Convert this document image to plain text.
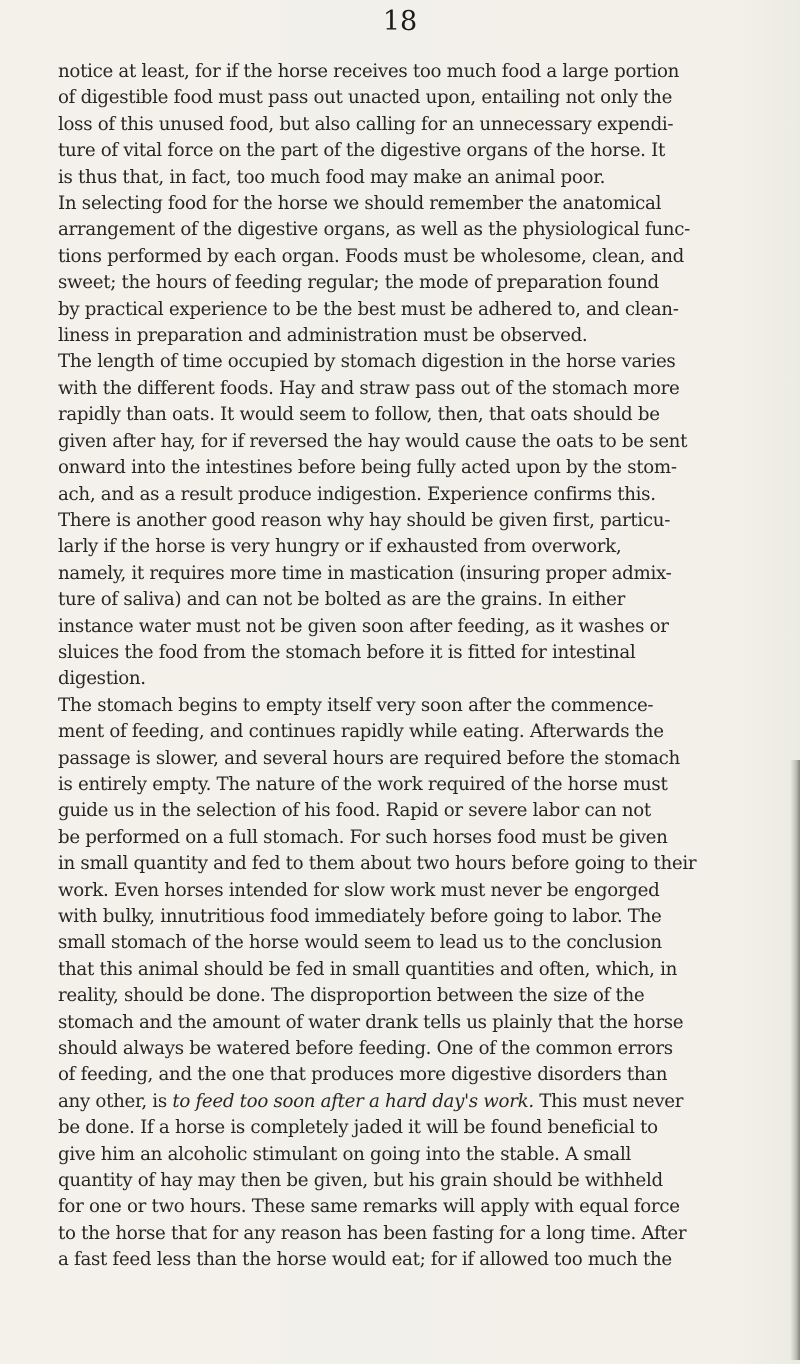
18
notice at least, for if the horse receives too much food a large portion
of digestible food must pass out unacted upon, entailing not only the
loss of this unused food, but also calling for an unnecessary expendi-
ture of vital force on the part of the digestive organs of the horse. It
is thus that, in fact, too much food may make an animal poor.
In selecting food for the horse we should remember the anatomical
arrangement of the digestive organs, as well as the physiological func-
tions performed by each organ. Foods must be wholesome, clean, and
sweet; the hours of feeding regular; the mode of preparation found
by practical experience to be the best must be adhered to, and clean-
liness in preparation and administration must be observed.
The length of time occupied by stomach digestion in the horse varies
with the different foods. Hay and straw pass out of the stomach more
rapidly than oats. It would seem to follow, then, that oats should be
given after hay, for if reversed the hay would cause the oats to be sent
onward into the intestines before being fully acted upon by the stom-
ach, and as a result produce indigestion. Experience confirms this.
There is another good reason why hay should be given first, particu-
larly if the horse is very hungry or if exhausted from overwork,
namely, it requires more time in mastication (insuring proper admix-
ture of saliva) and can not be bolted as are the grains. In either
instance water must not be given soon after feeding, as it washes or
sluices the food from the stomach before it is fitted for intestinal
digestion.
The stomach begins to empty itself very soon after the commence-
ment of feeding, and continues rapidly while eating. Afterwards the
passage is slower, and several hours are required before the stomach
is entirely empty. The nature of the work required of the horse must
guide us in the selection of his food. Rapid or severe labor can not
be performed on a full stomach. For such horses food must be given
in small quantity and fed to them about two hours before going to their
work. Even horses intended for slow work must never be engorged
with bulky, innutritious food immediately before going to labor. The
small stomach of the horse would seem to lead us to the conclusion
that this animal should be fed in small quantities and often, which, in
reality, should be done. The disproportion between the size of the
stomach and the amount of water drank tells us plainly that the horse
should always be watered before feeding. One of the common errors
of feeding, and the one that produces more digestive disorders than
any other, is to feed too soon after a hard day's work. This must never
be done. If a horse is completely jaded it will be found beneficial to
give him an alcoholic stimulant on going into the stable. A small
quantity of hay may then be given, but his grain should be withheld
for one or two hours. These same remarks will apply with equal force
to the horse that for any reason has been fasting for a long time. After
a fast feed less than the horse would eat; for if allowed too much the
